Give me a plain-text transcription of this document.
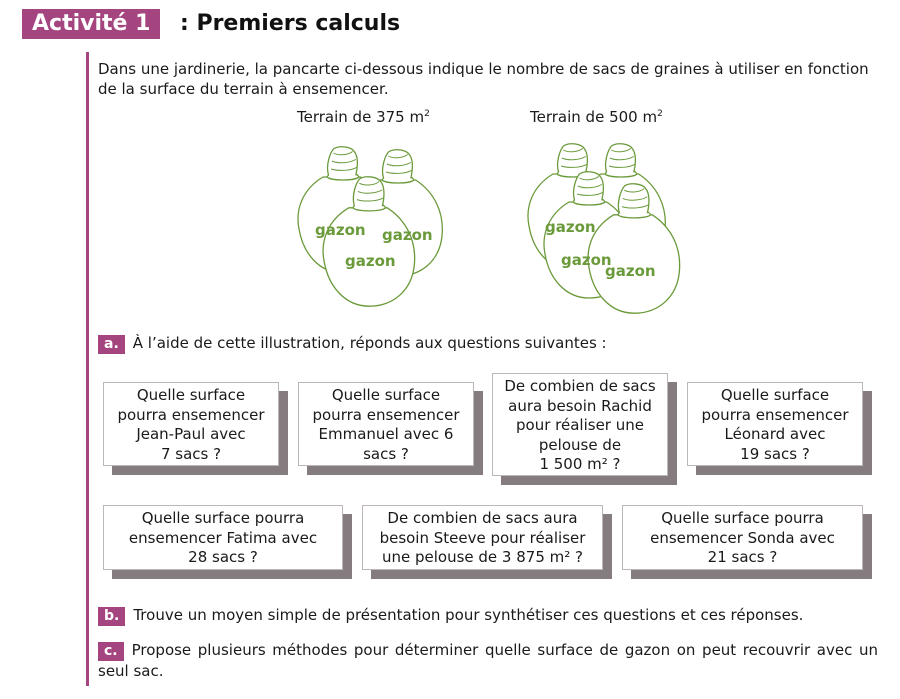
Activité 1	: Premiers calculs
Dans une jardinerie, la pancarte ci-dessous indique le nombre de sacs de graines à utiliser en fonction de la surface du terrain à ensemencer.
Terrain de 375 $m^2$	Terrain de 500 $m^2$
gazon gazon
gazon
gazon
gazon
gazon
a. À l’aide de cette illustration, réponds aux questions suivantes :
Quelle surface
pourra ensemencer
Jean-Paul avec
7 sacs ?
Quelle surface
pourra ensemencer
Emmanuel avec 6
sacs ?
De combien de sacs
aura besoin Rachid
pour réaliser une
pelouse de
1 500 m² ?
Quelle surface
pourra ensemencer
Léonard avec
19 sacs ?
Quelle surface pourra
ensemencer Fatima avec
28 sacs ?
De combien de sacs aura
besoin Steeve pour réaliser
une pelouse de 3 875 m² ?
Quelle surface pourra
ensemencer Sonda avec
21 sacs ?
b. Trouve un moyen simple de présentation pour synthétiser ces questions et ces réponses.
c. Propose plusieurs méthodes pour déterminer quelle surface de gazon on peut recouvrir avec un seul sac.
